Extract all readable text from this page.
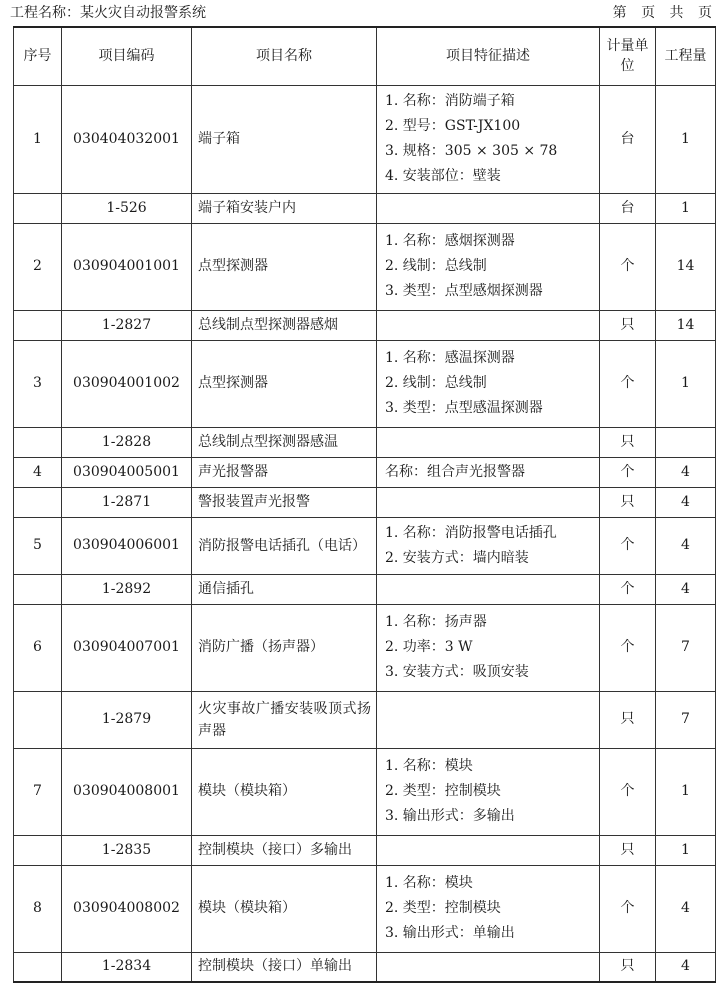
工程名称：某火灾自动报警系统	第 页 共 页
序号	项目编码	项目名称	项目特征描述	计量单位	工程量
1	030404032001	端子箱	1. 名称：消防端子箱
2. 型号：GST-JX100
3. 规格：305 × 305 × 78
4. 安装部位：壁装	台	1
	1-526	端子箱安装户内		台	1
2	030904001001	点型探测器	1. 名称：感烟探测器
2. 线制：总线制
3. 类型：点型感烟探测器	个	14
	1-2827	总线制点型探测器感烟		只	14
3	030904001002	点型探测器	1. 名称：感温探测器
2. 线制：总线制
3. 类型：点型感温探测器	个	1
	1-2828	总线制点型探测器感温		只	
4	030904005001	声光报警器	名称：组合声光报警器	个	4
	1-2871	警报装置声光报警		只	4
5	030904006001	消防报警电话插孔（电话）	1. 名称：消防报警电话插孔
2. 安装方式：墙内暗装	个	4
	1-2892	通信插孔		个	4
6	030904007001	消防广播（扬声器）	1. 名称：扬声器
2. 功率：3 W
3. 安装方式：吸顶安装	个	7
	1-2879	火灾事故广播安装吸顶式扬声器		只	7
7	030904008001	模块（模块箱）	1. 名称：模块
2. 类型：控制模块
3. 输出形式：多输出	个	1
	1-2835	控制模块（接口）多输出		只	1
8	030904008002	模块（模块箱）	1. 名称：模块
2. 类型：控制模块
3. 输出形式：单输出	个	4
	1-2834	控制模块（接口）单输出		只	4
